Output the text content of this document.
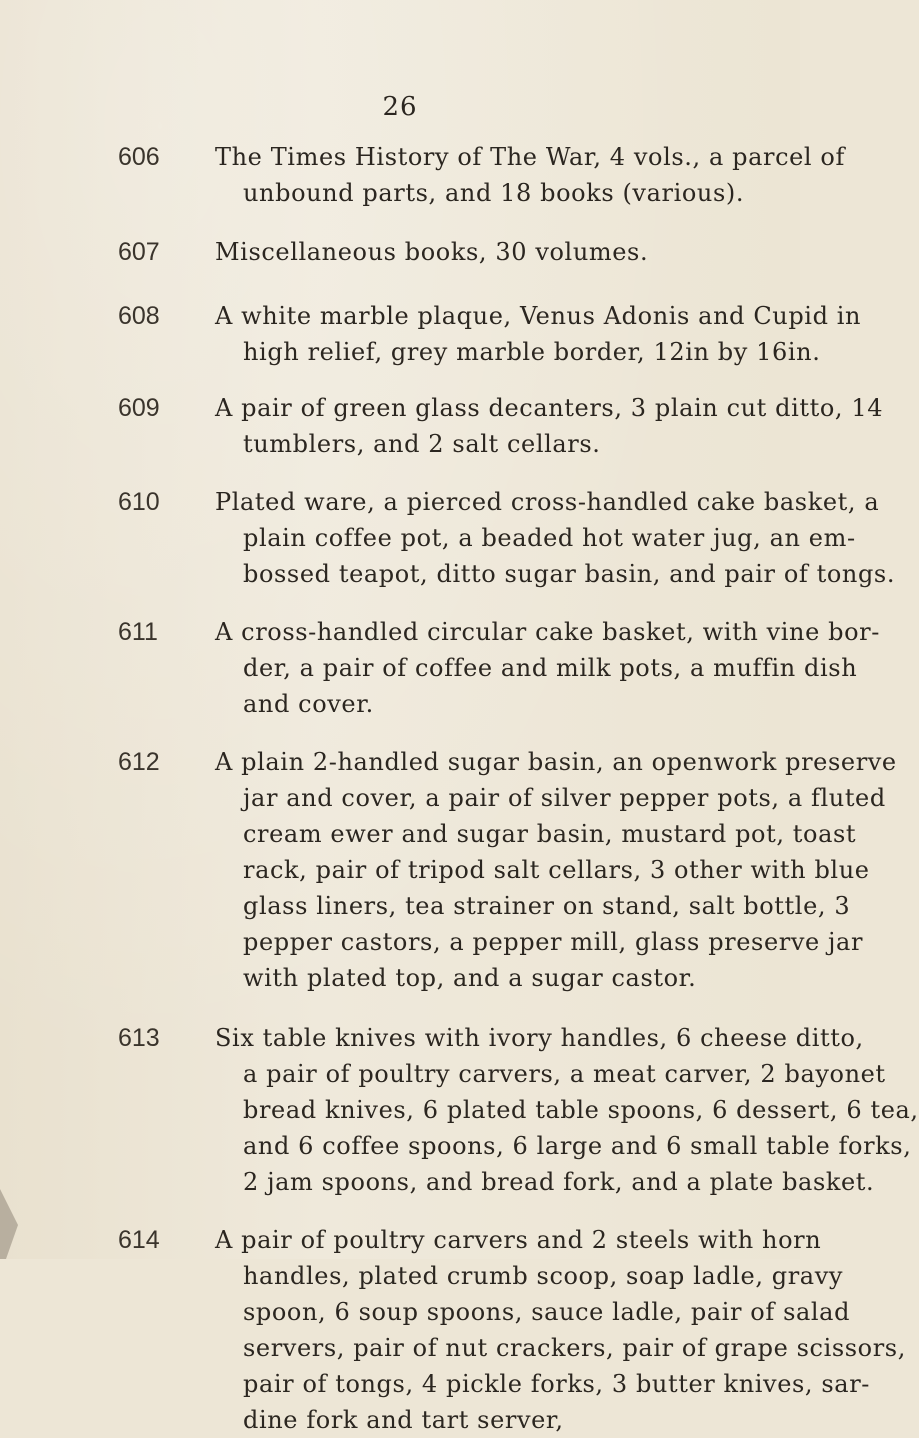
26
606 The Times History of The War, 4 vols., a parcel of
unbound parts, and 18 books (various).
607 Miscellaneous books, 30 volumes.
608 A white marble plaque, Venus Adonis and Cupid in
high relief, grey marble border, 12in by 16in.
609 A pair of green glass decanters, 3 plain cut ditto, 14
tumblers, and 2 salt cellars.
610 Plated ware, a pierced cross-handled cake basket, a
plain coffee pot, a beaded hot water jug, an em-
bossed teapot, ditto sugar basin, and pair of tongs.
611 A cross-handled circular cake basket, with vine bor-
der, a pair of coffee and milk pots, a muffin dish
and cover.
612 A plain 2-handled sugar basin, an openwork preserve
jar and cover, a pair of silver pepper pots, a fluted
cream ewer and sugar basin, mustard pot, toast
rack, pair of tripod salt cellars, 3 other with blue
glass liners, tea strainer on stand, salt bottle, 3
pepper castors, a pepper mill, glass preserve jar
with plated top, and a sugar castor.
613 Six table knives with ivory handles, 6 cheese ditto,
a pair of poultry carvers, a meat carver, 2 bayonet
bread knives, 6 plated table spoons, 6 dessert, 6 tea,
and 6 coffee spoons, 6 large and 6 small table forks,
2 jam spoons, and bread fork, and a plate basket.
614 A pair of poultry carvers and 2 steels with horn
handles, plated crumb scoop, soap ladle, gravy
spoon, 6 soup spoons, sauce ladle, pair of salad
servers, pair of nut crackers, pair of grape scissors,
pair of tongs, 4 pickle forks, 3 butter knives, sar-
dine fork and tart server,
